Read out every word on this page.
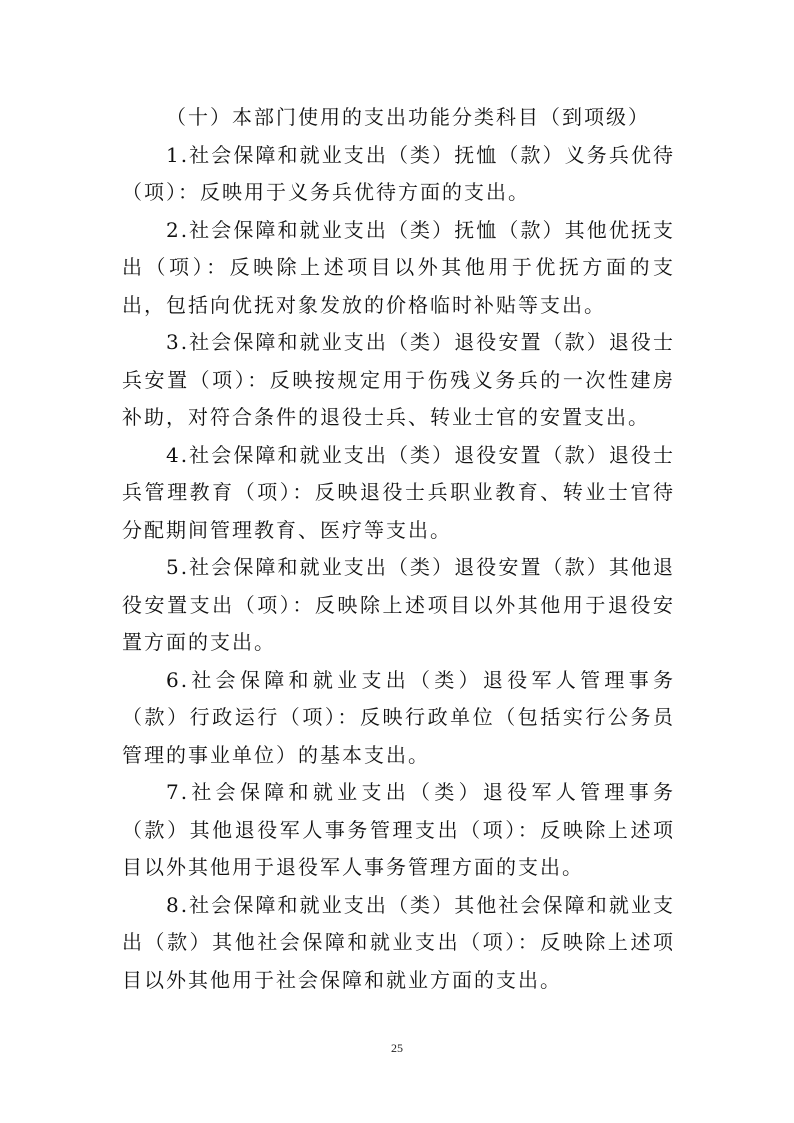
（十）本部门使用的支出功能分类科目（到项级）

1.社会保障和就业支出（类）抚恤（款）义务兵优待（项）：反映用于义务兵优待方面的支出。

2.社会保障和就业支出（类）抚恤（款）其他优抚支出（项）：反映除上述项目以外其他用于优抚方面的支出，包括向优抚对象发放的价格临时补贴等支出。

3.社会保障和就业支出（类）退役安置（款）退役士兵安置（项）：反映按规定用于伤残义务兵的一次性建房补助，对符合条件的退役士兵、转业士官的安置支出。

4.社会保障和就业支出（类）退役安置（款）退役士兵管理教育（项）：反映退役士兵职业教育、转业士官待分配期间管理教育、医疗等支出。

5.社会保障和就业支出（类）退役安置（款）其他退役安置支出（项）：反映除上述项目以外其他用于退役安置方面的支出。

6.社会保障和就业支出（类）退役军人管理事务（款）行政运行（项）：反映行政单位（包括实行公务员管理的事业单位）的基本支出。

7.社会保障和就业支出（类）退役军人管理事务（款）其他退役军人事务管理支出（项）：反映除上述项目以外其他用于退役军人事务管理方面的支出。

8.社会保障和就业支出（类）其他社会保障和就业支出（款）其他社会保障和就业支出（项）：反映除上述项目以外其他用于社会保障和就业方面的支出。

25
